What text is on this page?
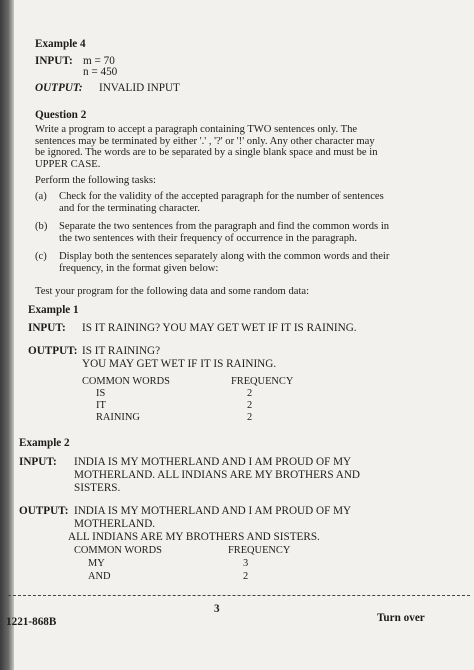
Example 4
INPUT: m = 70
n = 450
OUTPUT: INVALID INPUT
Question 2
Write a program to accept a paragraph containing TWO sentences only. The
sentences may be terminated by either '.' , '?' or '!' only. Any other character may
be ignored. The words are to be separated by a single blank space and must be in
UPPER CASE.
Perform the following tasks:
(a) Check for the validity of the accepted paragraph for the number of sentences
and for the terminating character.
(b) Separate the two sentences from the paragraph and find the common words in
the two sentences with their frequency of occurrence in the paragraph.
(c) Display both the sentences separately along with the common words and their
frequency, in the format given below:
Test your program for the following data and some random data:
Example 1
INPUT: IS IT RAINING? YOU MAY GET WET IF IT IS RAINING.
OUTPUT: IS IT RAINING?
YOU MAY GET WET IF IT IS RAINING.
COMMON WORDS	FREQUENCY
IS	2
IT	2
RAINING	2
Example 2
INPUT: INDIA IS MY MOTHERLAND AND I AM PROUD OF MY
MOTHERLAND. ALL INDIANS ARE MY BROTHERS AND
SISTERS.
OUTPUT: INDIA IS MY MOTHERLAND AND I AM PROUD OF MY
MOTHERLAND.
ALL INDIANS ARE MY BROTHERS AND SISTERS.
COMMON WORDS	FREQUENCY
MY	3
AND	2
3
1221-868B	Turn over
